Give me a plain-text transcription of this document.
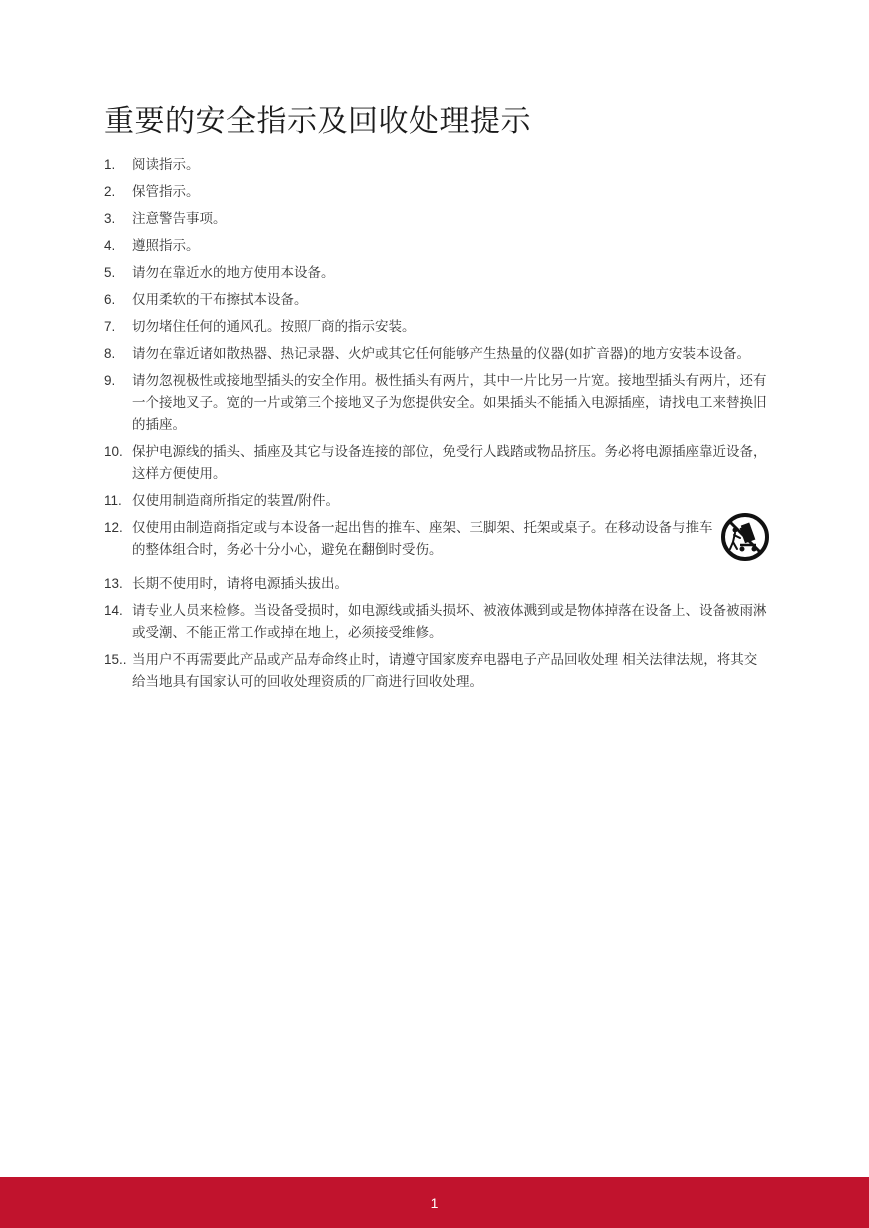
重要的安全指示及回收处理提示
1. 阅读指示。
2. 保管指示。
3. 注意警告事项。
4. 遵照指示。
5. 请勿在靠近水的地方使用本设备。
6. 仅用柔软的干布擦拭本设备。
7. 切勿堵住任何的通风孔。按照厂商的指示安装。
8. 请勿在靠近诸如散热器、热记录器、火炉或其它任何能够产生热量的仪器(如扩音器)的地方安装本设备。
9. 请勿忽视极性或接地型插头的安全作用。极性插头有两片，其中一片比另一片宽。接地型插头有两片，还有一个接地叉子。宽的一片或第三个接地叉子为您提供安全。如果插头不能插入电源插座，请找电工来替换旧的插座。
10. 保护电源线的插头、插座及其它与设备连接的部位，免受行人践踏或物品挤压。务必将电源插座靠近设备，这样方便使用。
11. 仅使用制造商所指定的装置/附件。
12. 仅使用由制造商指定或与本设备一起出售的推车、座架、三脚架、托架或桌子。在移动设备与推车的整体组合时，务必十分小心，避免在翻倒时受伤。
13. 长期不使用时，请将电源插头拔出。
14. 请专业人员来检修。当设备受损时，如电源线或插头损坏、被液体溅到或是物体掉落在设备上、设备被雨淋或受潮、不能正常工作或掉在地上，必须接受维修。
15.. 当用户不再需要此产品或产品寿命终止时，请遵守国家废弃电器电子产品回收处理 相关法律法规，将其交给当地具有国家认可的回收处理资质的厂商进行回收处理。
1
